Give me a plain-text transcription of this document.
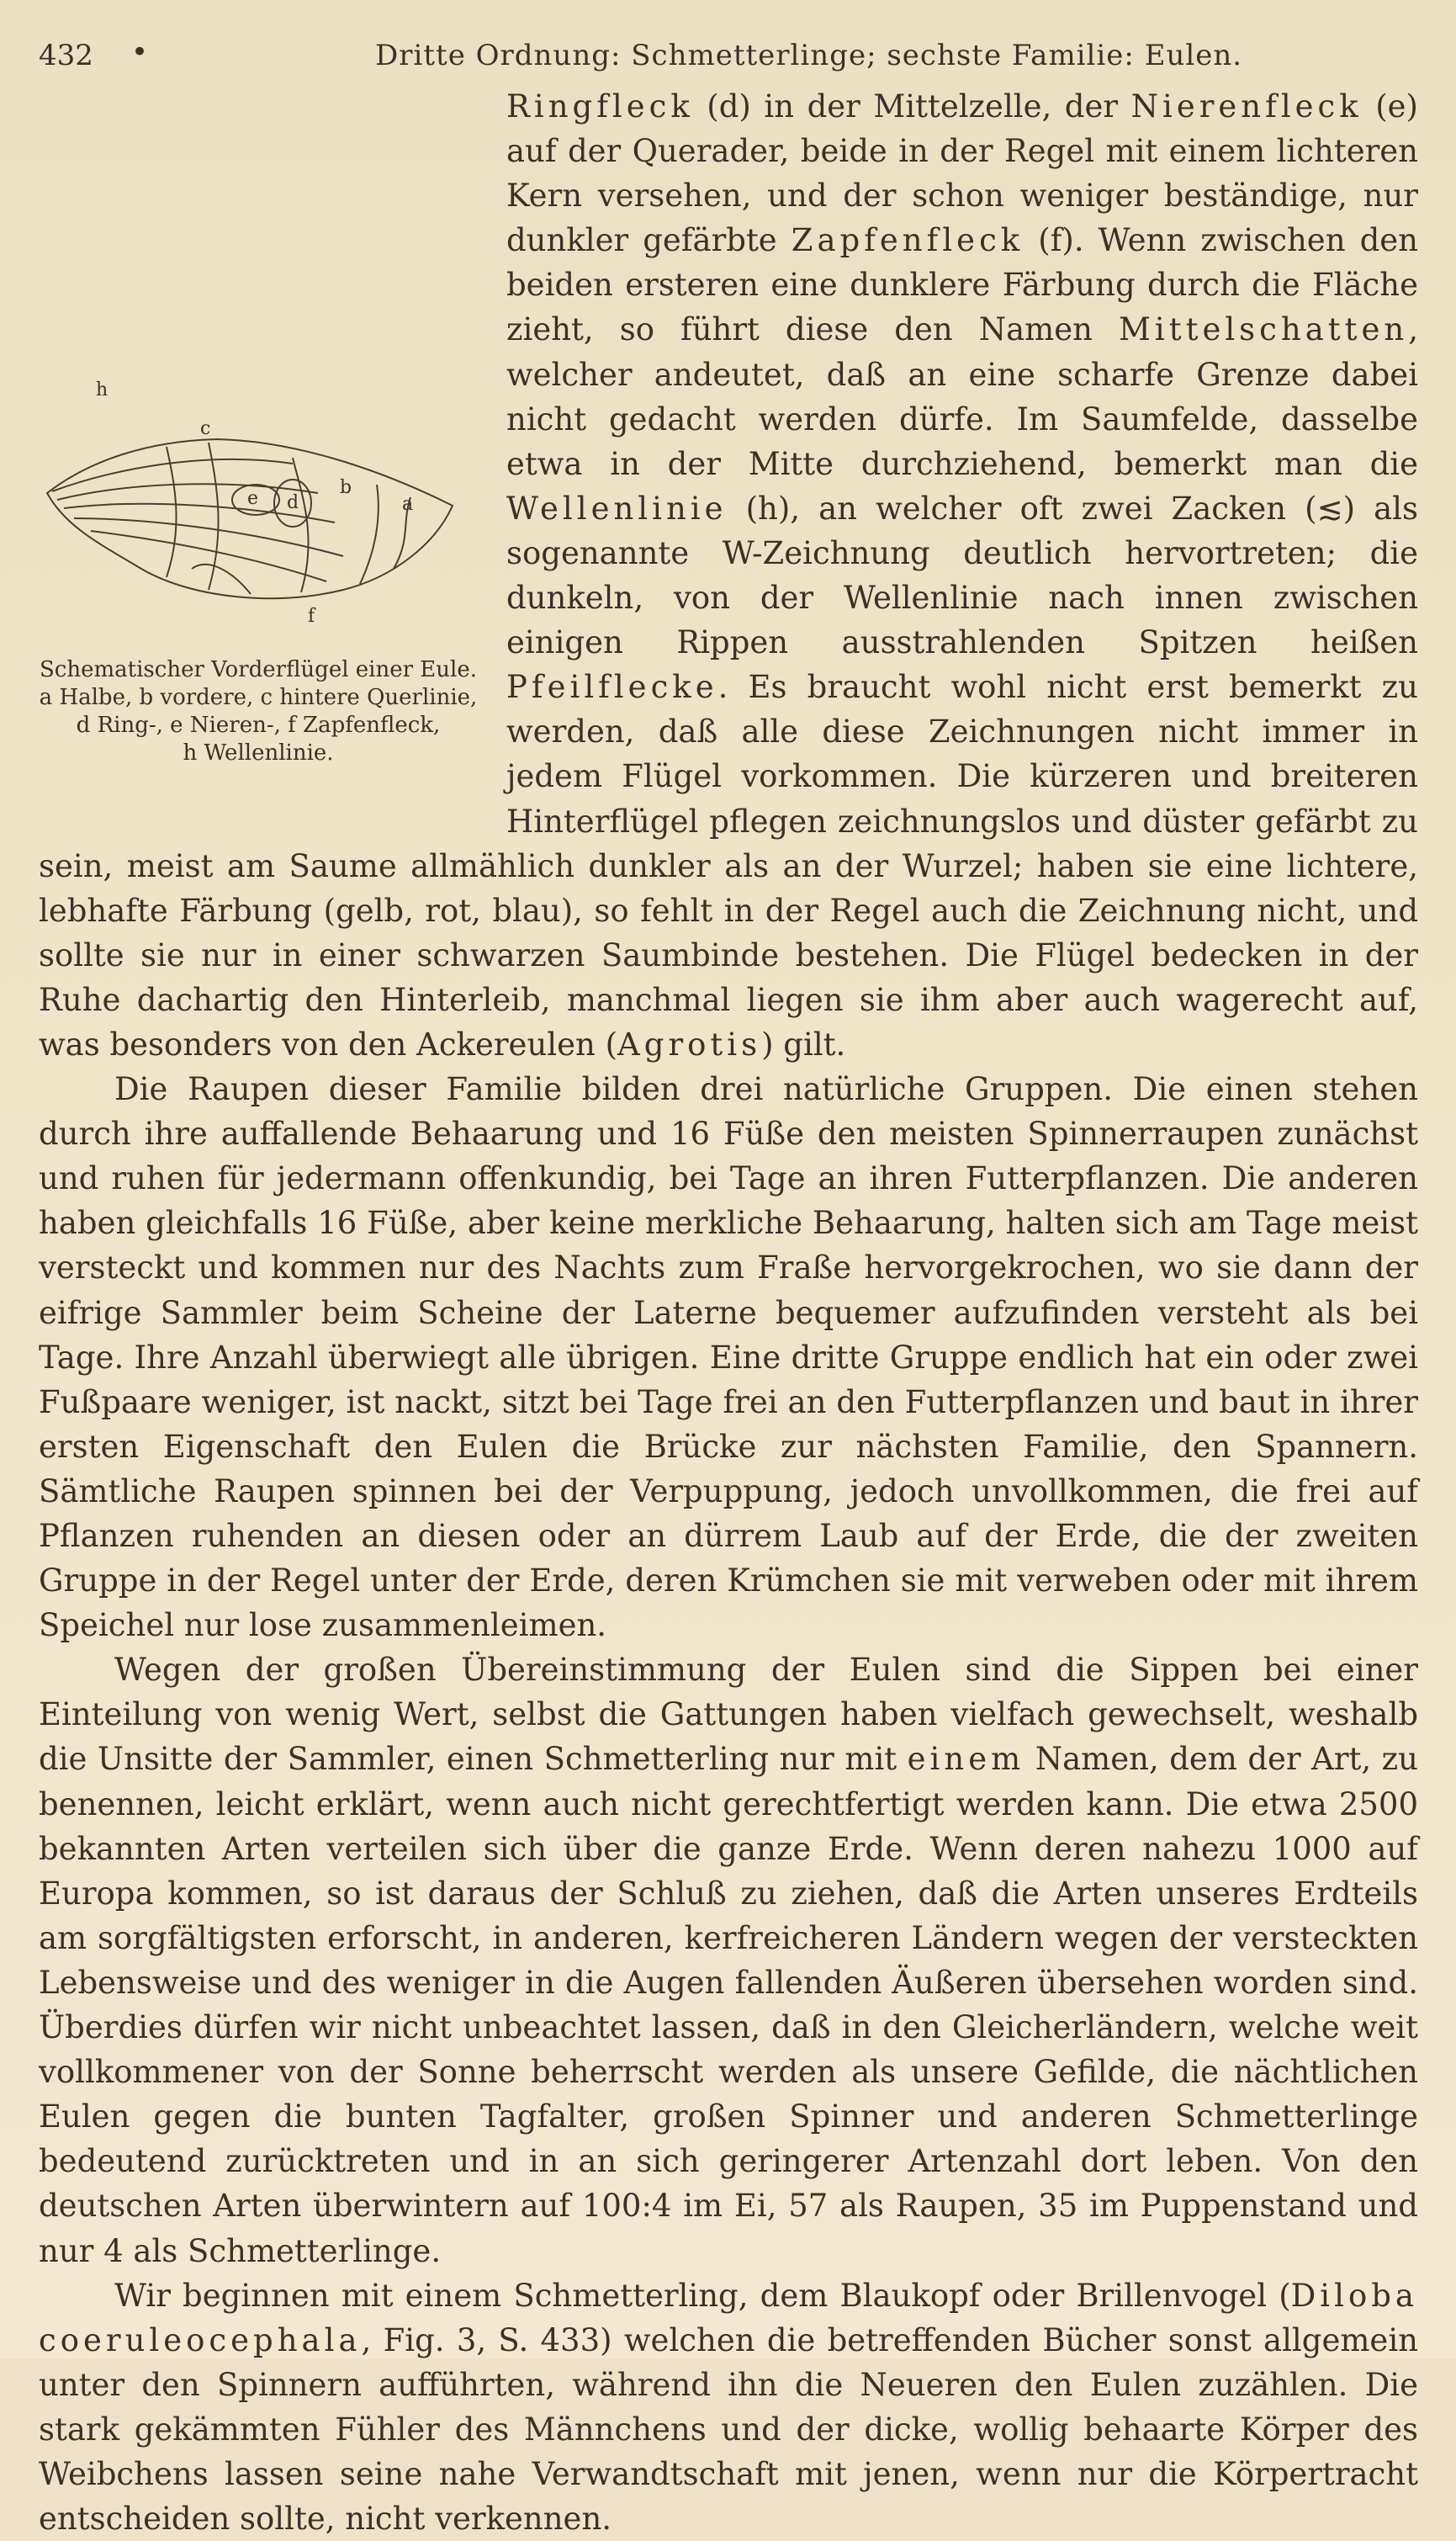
432 •	Dritte Ordnung: Schmetterlinge; sechste Familie: Eulen.
h
c
b
a
e d
f
Schematischer Vorderflügel einer Eule.
a Halbe, b vordere, c hintere Querlinie,
d Ring-, e Nieren-, f Zapfenfleck,
h Wellenlinie.

Ringfleck (d) in der Mittelzelle, der Nierenfleck (e) auf der Querader, beide in der Regel mit einem lichteren Kern versehen, und der schon weniger beständige, nur dunkler gefärbte Zapfenfleck (f). Wenn zwischen den beiden ersteren eine dunklere Färbung durch die Fläche zieht, so führt diese den Namen Mittelschatten, welcher andeutet, daß an eine scharfe Grenze dabei nicht gedacht werden dürfe. Im Saumfelde, dasselbe etwa in der Mitte durchziehend, bemerkt man die Wellenlinie (h), an welcher oft zwei Zacken (≲) als sogenannte W-Zeichnung deutlich hervortreten; die dunkeln, von der Wellenlinie nach innen zwischen einigen Rippen ausstrahlenden Spitzen heißen Pfeilflecke. Es braucht wohl nicht erst bemerkt zu werden, daß alle diese Zeichnungen nicht immer in jedem Flügel vorkommen. Die kürzeren und breiteren Hinterflügel pflegen zeichnungslos und düster gefärbt zu sein, meist am Saume allmählich dunkler als an der Wurzel; haben sie eine lichtere, lebhafte Färbung (gelb, rot, blau), so fehlt in der Regel auch die Zeichnung nicht, und sollte sie nur in einer schwarzen Saumbinde bestehen. Die Flügel bedecken in der Ruhe dachartig den Hinterleib, manchmal liegen sie ihm aber auch wagerecht auf, was besonders von den Ackereulen (Agrotis) gilt.

Die Raupen dieser Familie bilden drei natürliche Gruppen. Die einen stehen durch ihre auffallende Behaarung und 16 Füße den meisten Spinnerraupen zunächst und ruhen für jedermann offenkundig, bei Tage an ihren Futterpflanzen. Die anderen haben gleichfalls 16 Füße, aber keine merkliche Behaarung, halten sich am Tage meist versteckt und kommen nur des Nachts zum Fraße hervorgekrochen, wo sie dann der eifrige Sammler beim Scheine der Laterne bequemer aufzufinden versteht als bei Tage. Ihre Anzahl überwiegt alle übrigen. Eine dritte Gruppe endlich hat ein oder zwei Fußpaare weniger, ist nackt, sitzt bei Tage frei an den Futterpflanzen und baut in ihrer ersten Eigenschaft den Eulen die Brücke zur nächsten Familie, den Spannern. Sämtliche Raupen spinnen bei der Verpuppung, jedoch unvollkommen, die frei auf Pflanzen ruhenden an diesen oder an dürrem Laub auf der Erde, die der zweiten Gruppe in der Regel unter der Erde, deren Krümchen sie mit verweben oder mit ihrem Speichel nur lose zusammenleimen.

Wegen der großen Übereinstimmung der Eulen sind die Sippen bei einer Einteilung von wenig Wert, selbst die Gattungen haben vielfach gewechselt, weshalb die Unsitte der Sammler, einen Schmetterling nur mit einem Namen, dem der Art, zu benennen, leicht erklärt, wenn auch nicht gerechtfertigt werden kann. Die etwa 2500 bekannten Arten verteilen sich über die ganze Erde. Wenn deren nahezu 1000 auf Europa kommen, so ist daraus der Schluß zu ziehen, daß die Arten unseres Erdteils am sorgfältigsten erforscht, in anderen, kerfreicheren Ländern wegen der versteckten Lebensweise und des weniger in die Augen fallenden Äußeren übersehen worden sind. Überdies dürfen wir nicht unbeachtet lassen, daß in den Gleicherländern, welche weit vollkommener von der Sonne beherrscht werden als unsere Gefilde, die nächtlichen Eulen gegen die bunten Tagfalter, großen Spinner und anderen Schmetterlinge bedeutend zurücktreten und in an sich geringerer Artenzahl dort leben. Von den deutschen Arten überwintern auf 100:4 im Ei, 57 als Raupen, 35 im Puppenstand und nur 4 als Schmetterlinge.

Wir beginnen mit einem Schmetterling, dem Blaukopf oder Brillenvogel (Diloba coeruleocephala, Fig. 3, S. 433) welchen die betreffenden Bücher sonst allgemein unter den Spinnern aufführten, während ihn die Neueren den Eulen zuzählen. Die stark gekämmten Fühler des Männchens und der dicke, wollig behaarte Körper des Weibchens lassen seine nahe Verwandtschaft mit jenen, wenn nur die Körpertracht entscheiden sollte, nicht verkennen.
